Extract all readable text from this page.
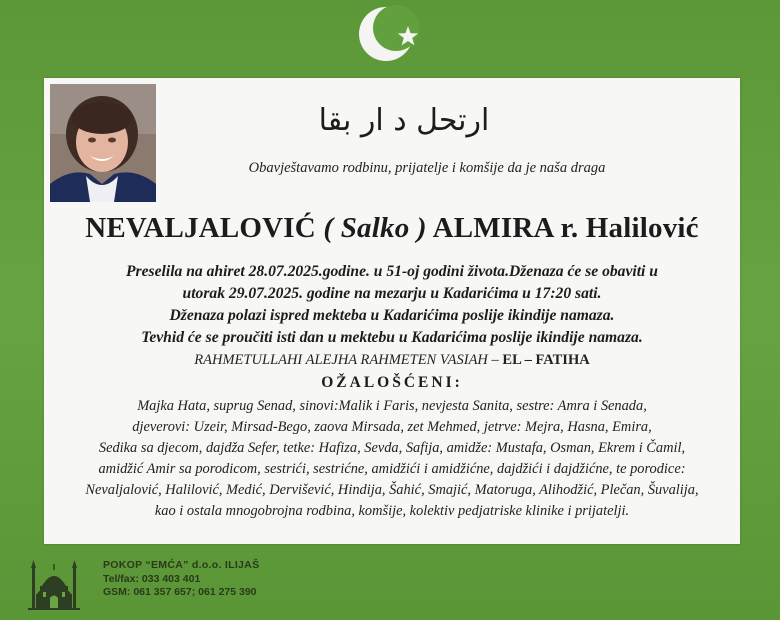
ارتحل د ار بقا
Obavještavamo rodbinu, prijatelje i komšije da je naša draga
NEVALJALOVIĆ ( Salko ) ALMIRA r. Halilović
Preselila na ahiret 28.07.2025.godine. u 51-oj godini života.Dženaza će se obaviti u
utorak 29.07.2025. godine na mezarju u Kadarićima u 17:20 sati.
Dženaza polazi ispred mekteba u Kadarićima poslije ikindije namaza.
Tevhid će se proučiti isti dan u mektebu u Kadarićima poslije ikindije namaza.
RAHMETULLAHI ALEJHA RAHMETEN VASIAH – EL – FATIHA
OŽALOŠĆENI:
Majka Hata, suprug Senad, sinovi:Malik i Faris, nevjesta Sanita, sestre: Amra i Senada,
djeverovi: Uzeir, Mirsad-Bego, zaova Mirsada, zet Mehmed, jetrve: Mejra, Hasna, Emira,
Sedika sa djecom, dajdža Sefer, tetke: Hafiza, Sevda, Safija, amidže: Mustafa, Osman, Ekrem i Čamil,
amidžić Amir sa porodicom, sestrići, sestrićne, amidžići i amidžićne, dajdžići i dajdžićne, te porodice:
Nevaljalović, Halilović, Medić, Dervišević, Hindija, Šahić, Smajić, Matoruga, Alihodžić, Plečan, Šuvalija,
kao i ostala mnogobrojna rodbina, komšije, kolektiv pedjatriske klinike i prijatelji.
POKOP “EMĆA” d.o.o. ILIJAŠ
Tel/fax: 033 403 401
GSM: 061 357 657; 061 275 390
